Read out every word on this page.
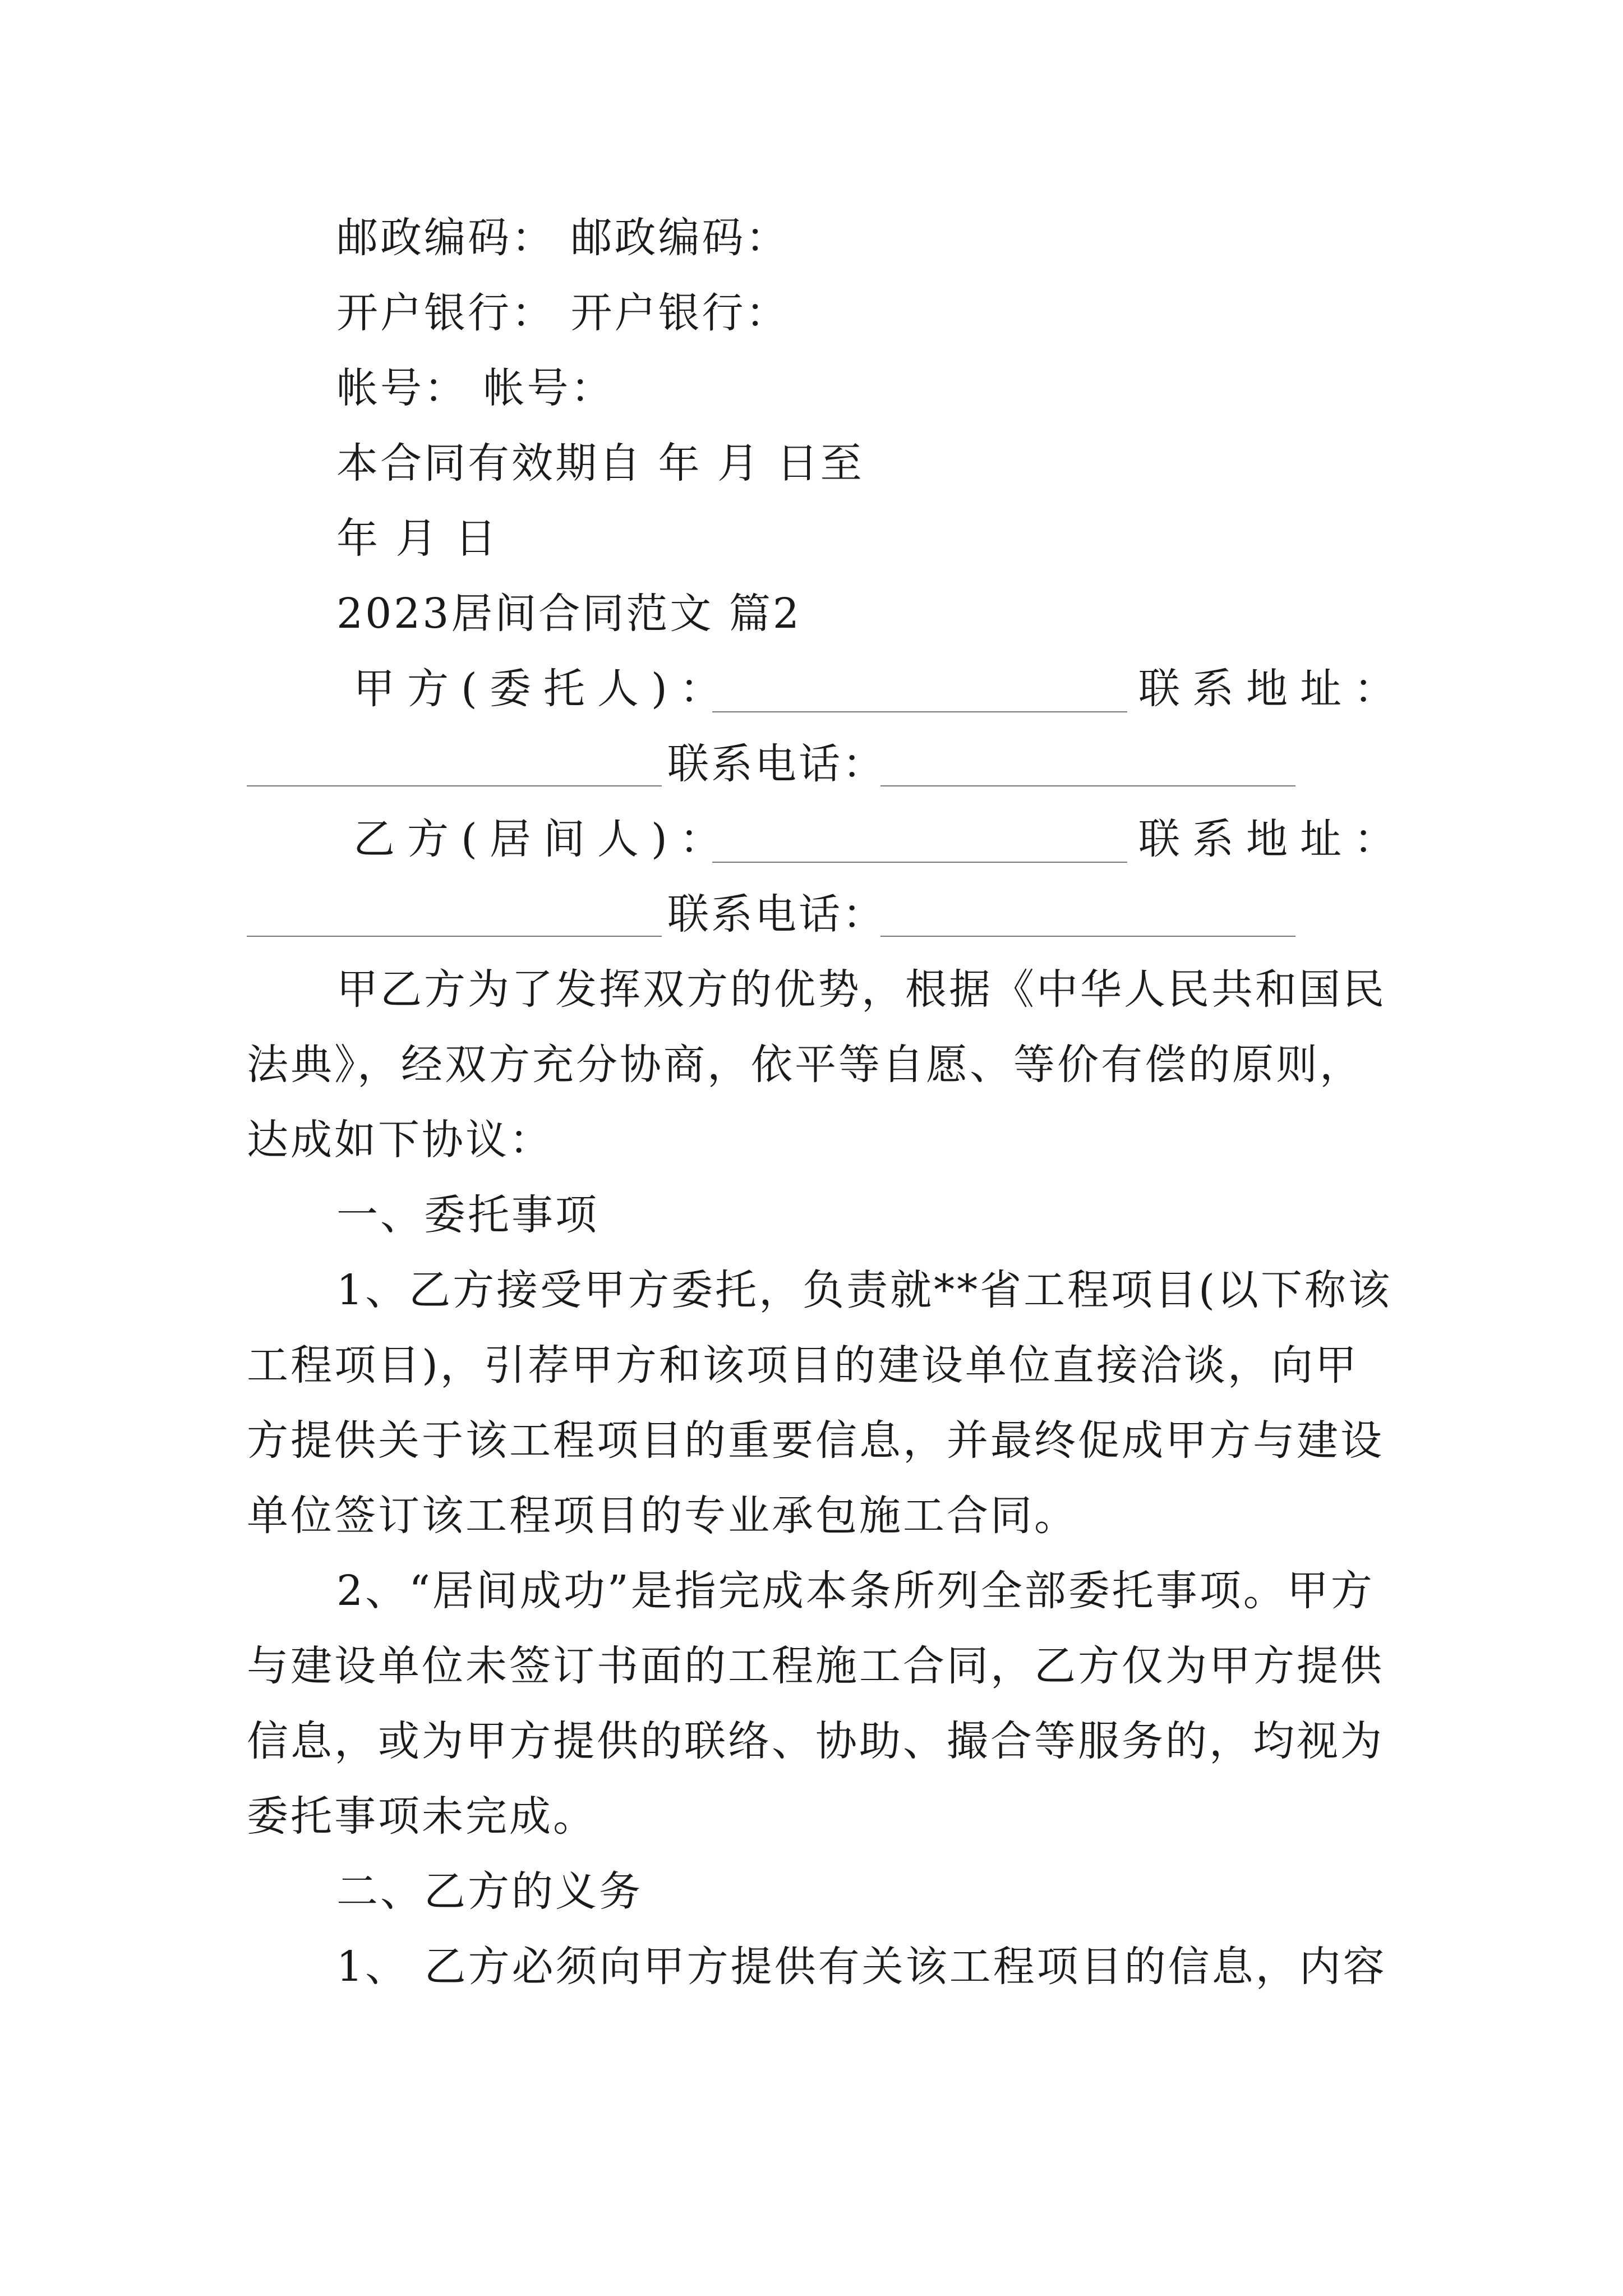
邮政编码： 邮政编码：
开户银行： 开户银行：
帐号： 帐号：
本合同有效期自 年 月 日至
年 月 日
2023居间合同范文 篇2
甲方(委托人)：	联系地址：
联系电话：
乙方(居间人)：	联系地址：
联系电话：
甲乙方为了发挥双方的优势，根据《中华人民共和国民
法典》，经双方充分协商，依平等自愿、等价有偿的原则，
达成如下协议：
一、委托事项
1、乙方接受甲方委托，负责就**省工程项目(以下称该
工程项目)，引荐甲方和该项目的建设单位直接洽谈，向甲
方提供关于该工程项目的重要信息，并最终促成甲方与建设
单位签订该工程项目的专业承包施工合同。
2、“居间成功”是指完成本条所列全部委托事项。甲方
与建设单位未签订书面的工程施工合同，乙方仅为甲方提供
信息，或为甲方提供的联络、协助、撮合等服务的，均视为
委托事项未完成。
二、乙方的义务
1、 乙方必须向甲方提供有关该工程项目的信息，内容
